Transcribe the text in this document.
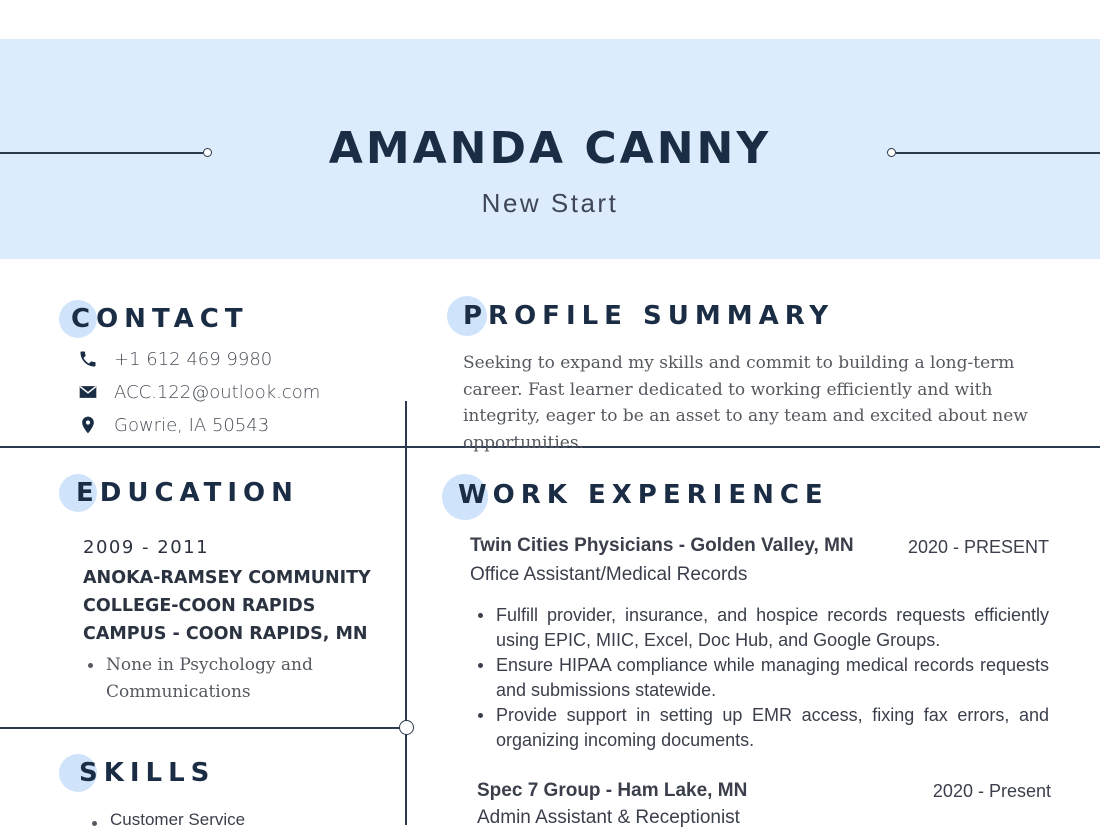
AMANDA CANNY
New Start
CONTACT
+1 612 469 9980
ACC.122@outlook.com
Gowrie, IA 50543
PROFILE SUMMARY
Seeking to expand my skills and commit to building a long-term career. Fast learner dedicated to working efficiently and with integrity, eager to be an asset to any team and excited about new opportunities.
EDUCATION
2009 - 2011
ANOKA-RAMSEY COMMUNITY COLLEGE-COON RAPIDS CAMPUS - COON RAPIDS, MN
None in Psychology and Communications
WORK EXPERIENCE
Twin Cities Physicians - Golden Valley, MN	2020 - PRESENT
Office Assistant/Medical Records
Fulfill provider, insurance, and hospice records requests efficiently using EPIC, MIIC, Excel, Doc Hub, and Google Groups.
Ensure HIPAA compliance while managing medical records requests and submissions statewide.
Provide support in setting up EMR access, fixing fax errors, and organizing incoming documents.
Spec 7 Group - Ham Lake, MN	2020 - Present
Admin Assistant & Receptionist
SKILLS
Customer Service
